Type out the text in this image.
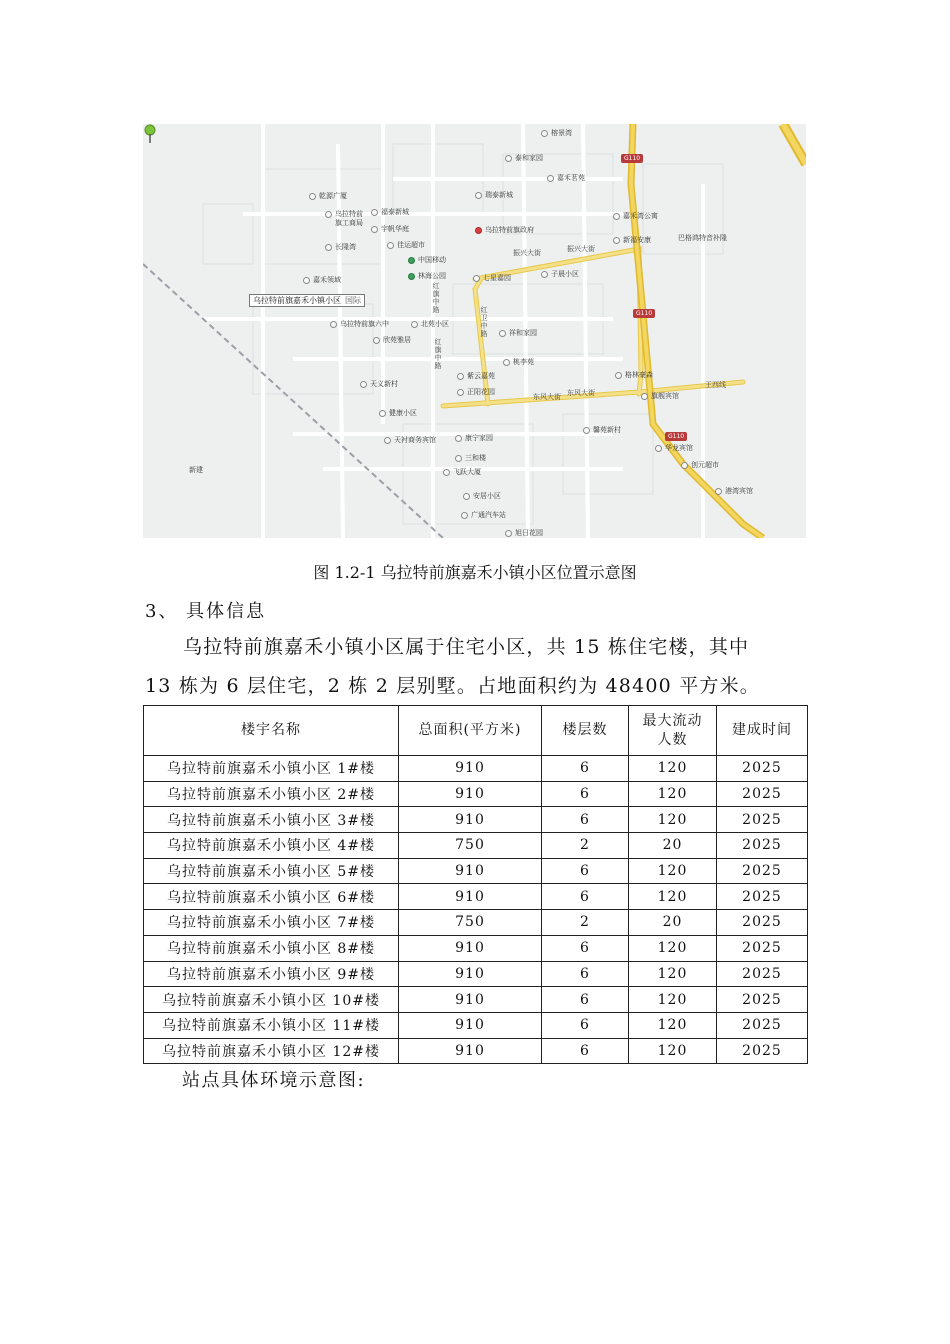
榕景湾
泰和家园
嘉禾茗苑
乾源广厦	瑞泰新城
福泰新城
乌拉特前旗工商局
嘉禾湾公寓
宇帆华庭	乌拉特前旗政府
长隆湾	佳运超市
新福安康	巴格鸿特音补隆
中国移动
嘉禾领域	林海公园	七星嘉园	子晨小区
乌拉特前旗六中	北苑小区
欣苑雅居
祥和家园
桃李苑
格林豪森
紫云嘉苑
天义新村
正阳花园	旗舰宾馆
健康小区
馨苑新村
天衬商务宾馆	康宁家园
华龙宾馆
三和楼
创元超市
飞跃大厦
新建
港湾宾馆
安居小区
广通汽车站
旭日花园
振兴大街	振兴大街
东风大街 东风大街
红旗中路
红旗中路
红卫中路
王西线
G110
G110
G110
乌拉特前旗嘉禾小镇小区 国际
图 1.2-1 乌拉特前旗嘉禾小镇小区位置示意图
3、 具体信息
乌拉特前旗嘉禾小镇小区属于住宅小区，共 15 栋住宅楼，其中
13 栋为 6 层住宅，2 栋 2 层别墅。占地面积约为 48400 平方米。
楼宇名称	总面积(平方米)	楼层数	最大流动人数	建成时间
乌拉特前旗嘉禾小镇小区 1#楼	910	6	120	2025
乌拉特前旗嘉禾小镇小区 2#楼	910	6	120	2025
乌拉特前旗嘉禾小镇小区 3#楼	910	6	120	2025
乌拉特前旗嘉禾小镇小区 4#楼	750	2	20	2025
乌拉特前旗嘉禾小镇小区 5#楼	910	6	120	2025
乌拉特前旗嘉禾小镇小区 6#楼	910	6	120	2025
乌拉特前旗嘉禾小镇小区 7#楼	750	2	20	2025
乌拉特前旗嘉禾小镇小区 8#楼	910	6	120	2025
乌拉特前旗嘉禾小镇小区 9#楼	910	6	120	2025
乌拉特前旗嘉禾小镇小区 10#楼	910	6	120	2025
乌拉特前旗嘉禾小镇小区 11#楼	910	6	120	2025
乌拉特前旗嘉禾小镇小区 12#楼	910	6	120	2025
站点具体环境示意图:
